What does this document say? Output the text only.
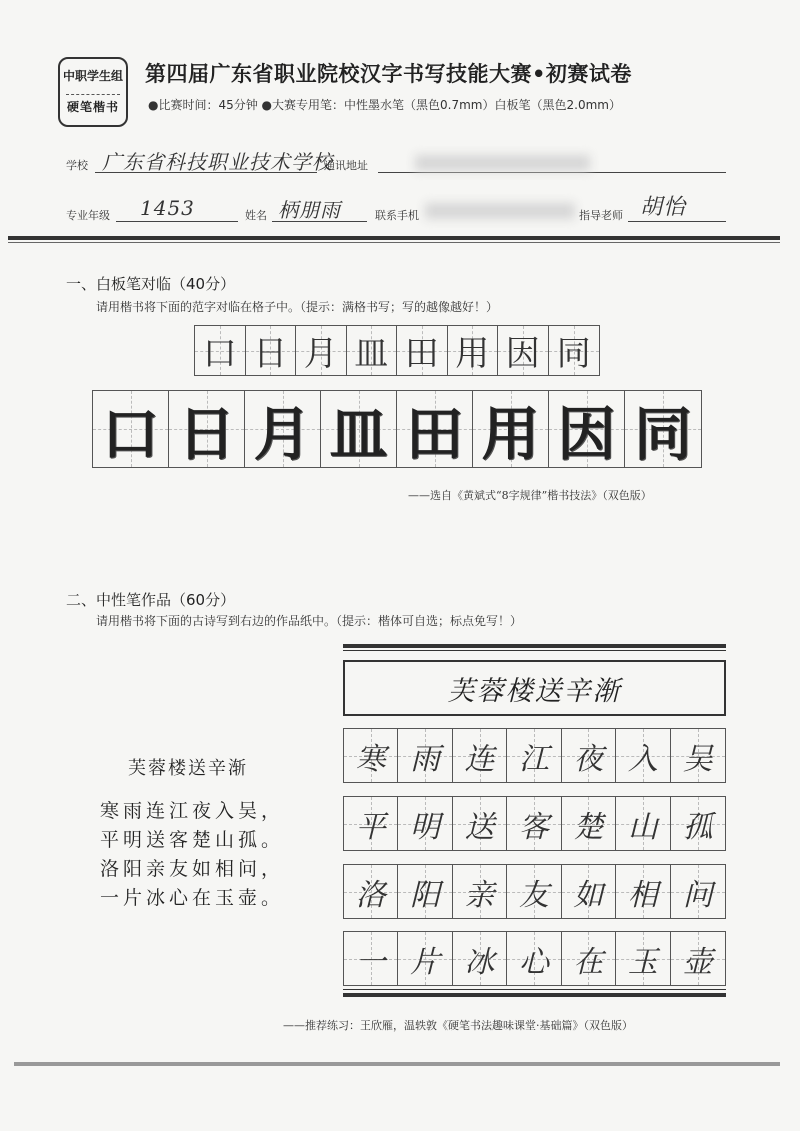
中职学生组
硬笔楷书
第四届广东省职业院校汉字书写技能大赛•初赛试卷
●比赛时间：45分钟 ●大赛专用笔：中性墨水笔（黑色0.7mm）白板笔（黑色2.0mm）
学校 广东省科技职业技术学校
通讯地址
专业年级 1453	姓名 柄朋雨	联系手机	指导老师 胡怡
一、白板笔对临（40分）
请用楷书将下面的范字对临在格子中。（提示：满格书写；写的越像越好！）
口 日 月 皿 田 用 因 同
口 日 月 皿 田 用 因 同
——选自《黄斌式“8字规律”楷书技法》（双色版）
二、中性笔作品（60分）
请用楷书将下面的古诗写到右边的作品纸中。（提示：楷体可自选；标点免写！）
芙蓉楼送辛渐
寒雨连江夜入吴，
平明送客楚山孤。
洛阳亲友如相问，
一片冰心在玉壶。
芙蓉楼送辛渐
寒 雨 连 江 夜 入 吴
平 明 送 客 楚 山 孤
洛 阳 亲 友 如 相 问
一 片 冰 心 在 玉 壶
——推荐练习：王欣雁，温轶敦《硬笔书法趣味课堂·基础篇》（双色版）
